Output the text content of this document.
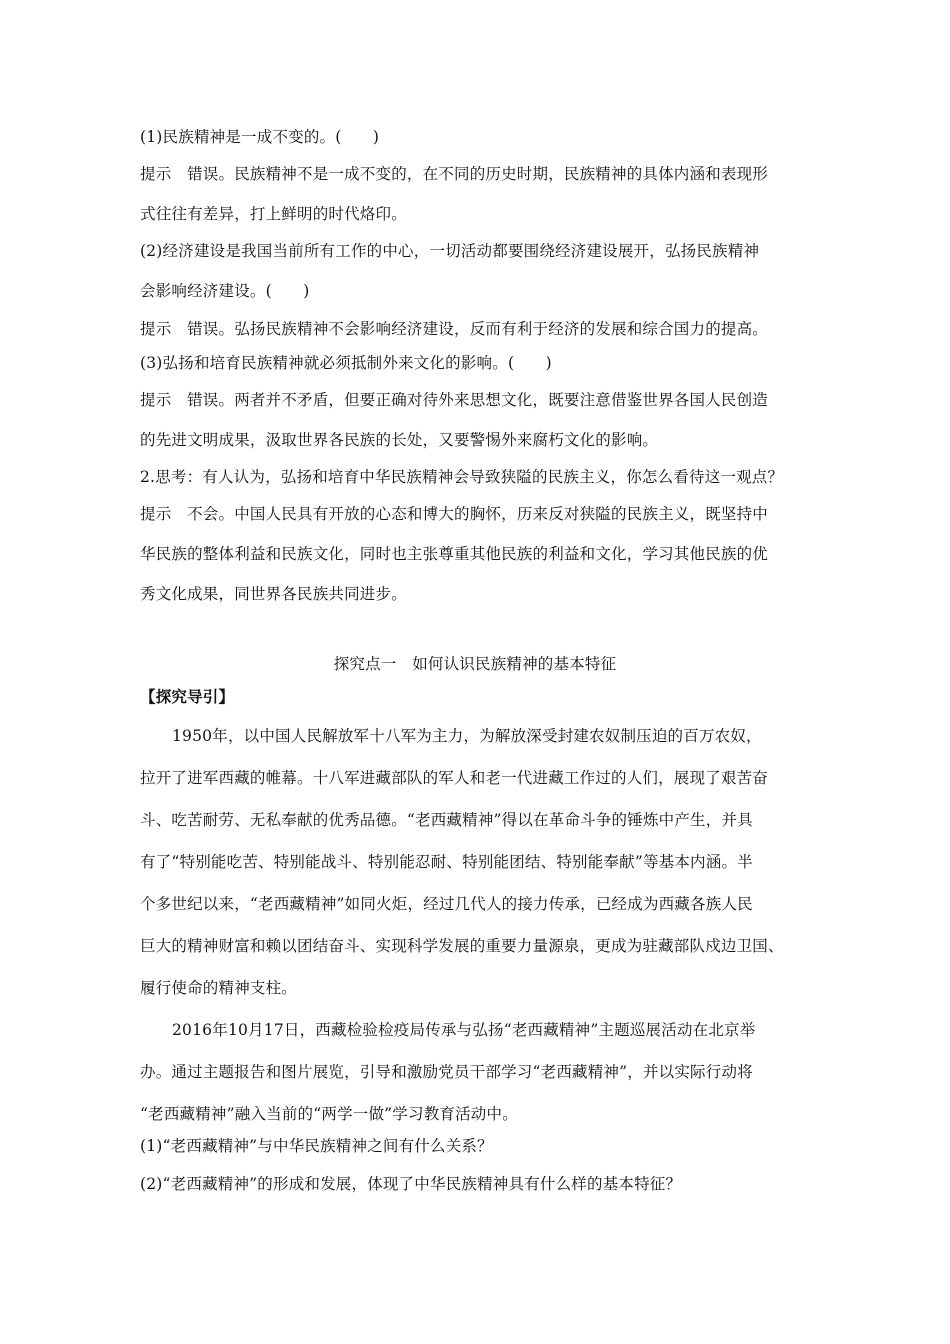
(1)民族精神是一成不变的。(　　)
提示　错误。民族精神不是一成不变的，在不同的历史时期，民族精神的具体内涵和表现形
式往往有差异，打上鲜明的时代烙印。
(2)经济建设是我国当前所有工作的中心，一切活动都要围绕经济建设展开，弘扬民族精神
会影响经济建设。(　　)
提示　错误。弘扬民族精神不会影响经济建设，反而有利于经济的发展和综合国力的提高。
(3)弘扬和培育民族精神就必须抵制外来文化的影响。(　　)
提示　错误。两者并不矛盾，但要正确对待外来思想文化，既要注意借鉴世界各国人民创造
的先进文明成果，汲取世界各民族的长处，又要警惕外来腐朽文化的影响。
2.思考：有人认为，弘扬和培育中华民族精神会导致狭隘的民族主义，你怎么看待这一观点？
提示　不会。中国人民具有开放的心态和博大的胸怀，历来反对狭隘的民族主义，既坚持中
华民族的整体利益和民族文化，同时也主张尊重其他民族的利益和文化，学习其他民族的优
秀文化成果，同世界各民族共同进步。
探究点一　如何认识民族精神的基本特征
【探究导引】
1950年，以中国人民解放军十八军为主力，为解放深受封建农奴制压迫的百万农奴，
拉开了进军西藏的帷幕。十八军进藏部队的军人和老一代进藏工作过的人们，展现了艰苦奋
斗、吃苦耐劳、无私奉献的优秀品德。“老西藏精神”得以在革命斗争的锤炼中产生，并具
有了“特别能吃苦、特别能战斗、特别能忍耐、特别能团结、特别能奉献”等基本内涵。半
个多世纪以来，“老西藏精神”如同火炬，经过几代人的接力传承，已经成为西藏各族人民
巨大的精神财富和赖以团结奋斗、实现科学发展的重要力量源泉，更成为驻藏部队戍边卫国、
履行使命的精神支柱。
2016年10月17日，西藏检验检疫局传承与弘扬“老西藏精神”主题巡展活动在北京举
办。通过主题报告和图片展览，引导和激励党员干部学习“老西藏精神”，并以实际行动将
“老西藏精神”融入当前的“两学一做”学习教育活动中。
(1)“老西藏精神”与中华民族精神之间有什么关系？
(2)“老西藏精神”的形成和发展，体现了中华民族精神具有什么样的基本特征？
